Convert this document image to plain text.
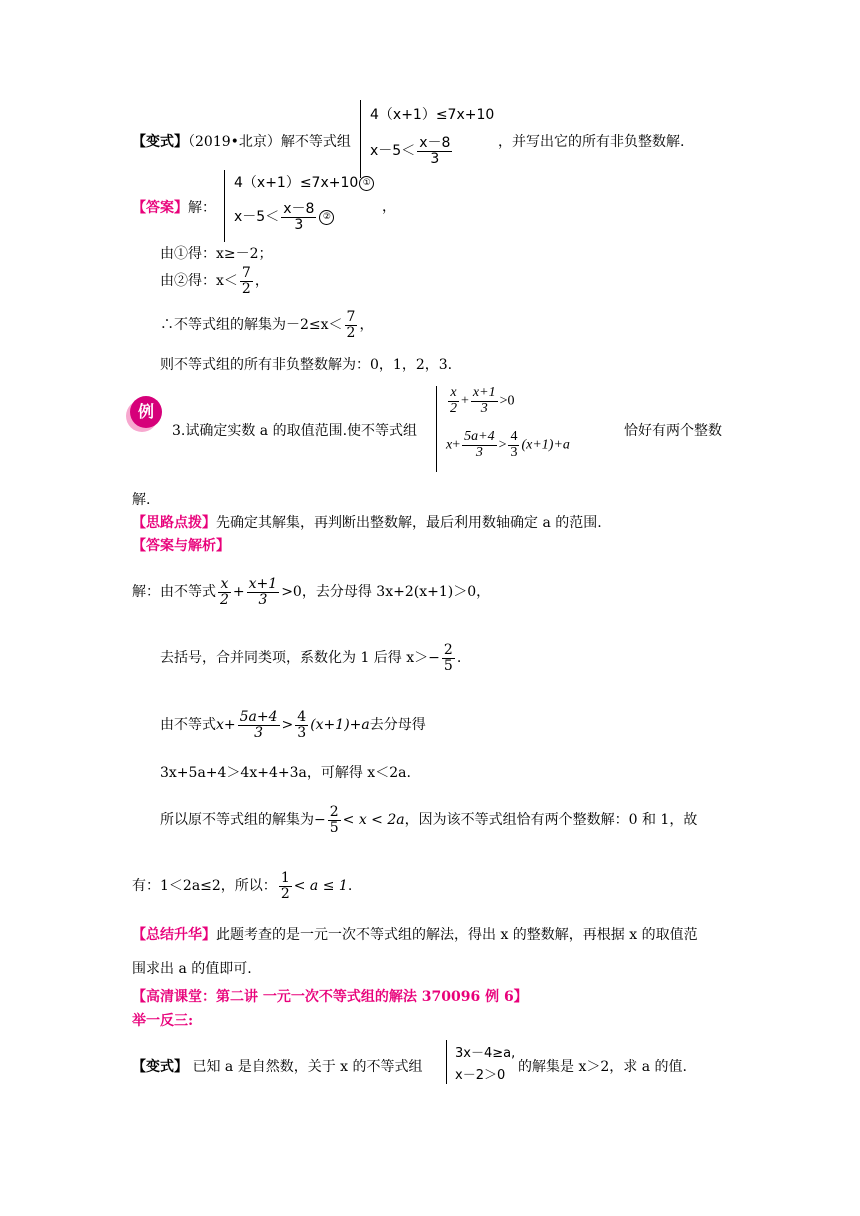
【变式】（2019•北京）解不等式组
4（x+1）≤7x+10
$x-5< \frac{x-8}{3}$	，并写出它的所有非负整数解.
【答案】解：
4（x+1）≤7x+10 ①
$x-5< \frac{x-8}{3}$ ②
，
由①得：x≥－2；
由②得：$x< \frac{7}{2}$ ，
∴不等式组的解集为$-2\le x< \frac{7}{2}$ ，
则不等式组的所有非负整数解为：0，1，2，3.
例
3.试确定实数 a 的取值范围.使不等式组
$\frac{x}{2} + \frac{x+1}{3} >0$
$x+ \frac{5a+4}{3} > \frac{4}{3} (x+1)+a$
恰好有两个整数
解.
【思路点拨】先确定其解集，再判断出整数解，最后利用数轴确定 a 的范围.
【答案与解析】
解：由不等式 $\frac{x}{2} + \frac{x+1}{3} >0$，去分母得 3x+2(x+1)＞0，
去括号，合并同类项，系数化为 1 后得 $x>- \frac{2}{5}$ .
由不等式$x+ \frac{5a+4}{3} > \frac{4}{3} (x+1)+a$去分母得
3x+5a+4＞4x+4+3a，可解得 x＜2a.
所以原不等式组的解集为− $\frac{2}{5} < x < 2a$，因为该不等式组恰有两个整数解：0 和 1，故
有：1＜2a≤2，所以： $\frac{1}{2} < a \le 1$.
【总结升华】此题考查的是一元一次不等式组的解法，得出 x 的整数解，再根据 x 的取值范
围求出 a 的值即可.
【高清课堂：第二讲 一元一次不等式组的解法 370096 例 6】
举一反三:
【变式】 已知 a 是自然数，关于 x 的不等式组
3x－4≥a,
x－2＞0
的解集是 x＞2，求 a 的值.
